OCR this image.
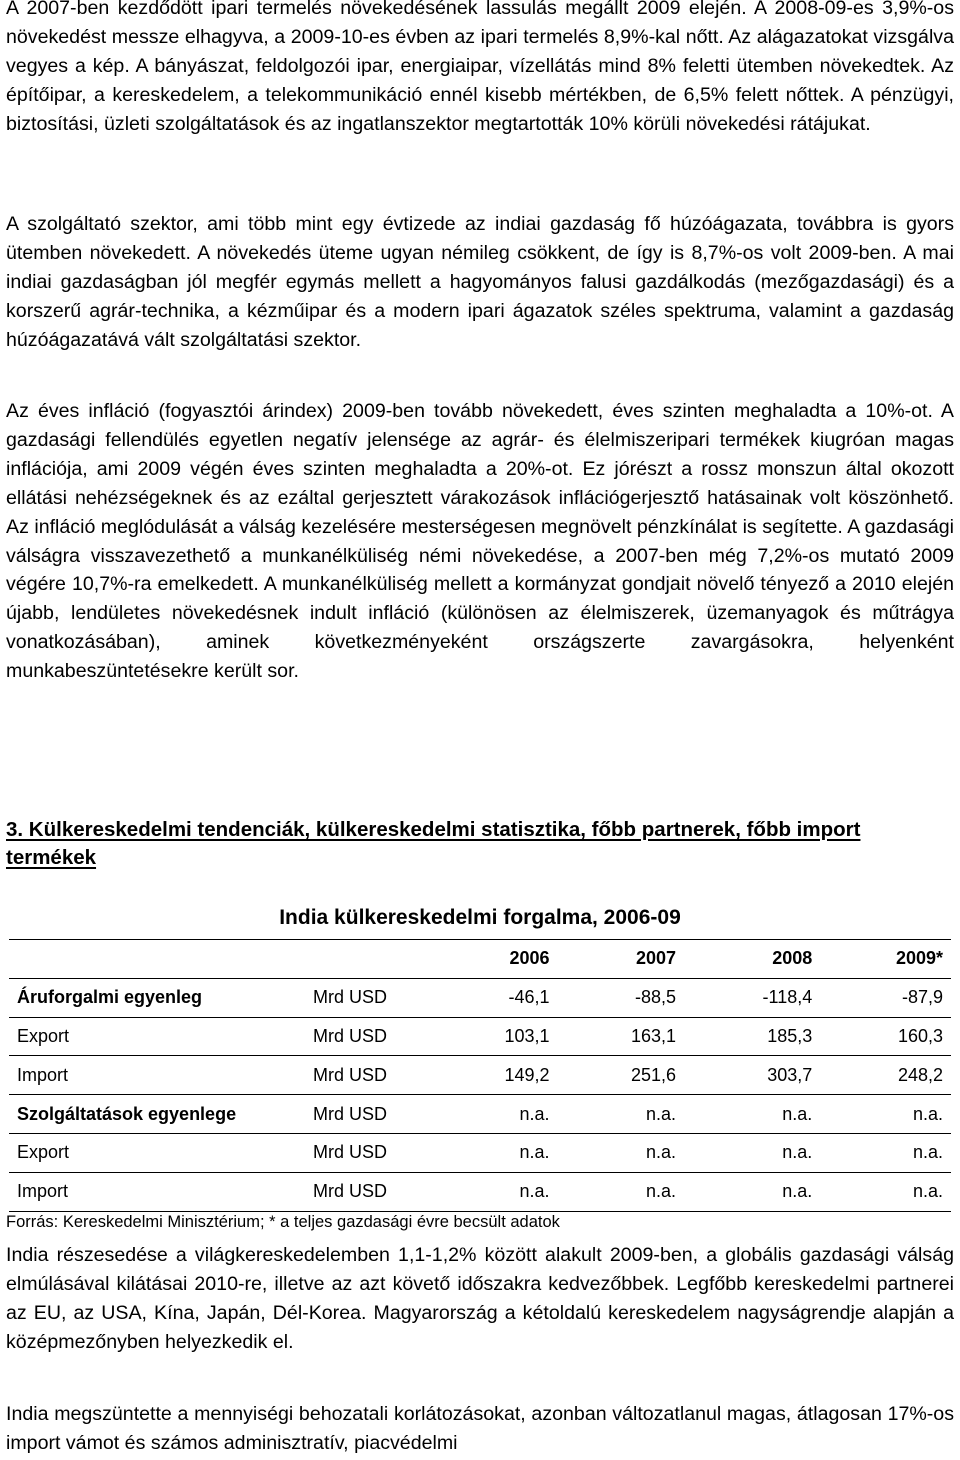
A 2007-ben kezdődött ipari termelés növekedésének lassulás megállt 2009 elején. A 2008-09-es 3,9%-os növekedést messze elhagyva, a 2009-10-es évben az ipari termelés 8,9%-kal nőtt. Az alágazatokat vizsgálva vegyes a kép. A bányászat, feldolgozói ipar, energiaipar, vízellátás mind 8% feletti ütemben növekedtek. Az építőipar, a kereskedelem, a telekommunikáció ennél kisebb mértékben, de 6,5% felett nőttek. A pénzügyi, biztosítási, üzleti szolgáltatások és az ingatlanszektor megtartották 10% körüli növekedési rátájukat.

A szolgáltató szektor, ami több mint egy évtizede az indiai gazdaság fő húzóágazata, továbbra is gyors ütemben növekedett. A növekedés üteme ugyan némileg csökkent, de így is 8,7%-os volt 2009-ben. A mai indiai gazdaságban jól megfér egymás mellett a hagyományos falusi gazdálkodás (mezőgazdasági) és a korszerű agrár-technika, a kézműipar és a modern ipari ágazatok széles spektruma, valamint a gazdaság húzóágazatává vált szolgáltatási szektor.

Az éves infláció (fogyasztói árindex) 2009-ben tovább növekedett, éves szinten meghaladta a 10%-ot. A gazdasági fellendülés egyetlen negatív jelensége az agrár- és élelmiszeripari termékek kiugróan magas inflációja, ami 2009 végén éves szinten meghaladta a 20%-ot. Ez jórészt a rossz monszun által okozott ellátási nehézségeknek és az ezáltal gerjesztett várakozások inflációgerjesztő hatásainak volt köszönhető. Az infláció meglódulását a válság kezelésére mesterségesen megnövelt pénzkínálat is segítette. A gazdasági válságra visszavezethető a munkanélküliség némi növekedése, a 2007-ben még 7,2%-os mutató 2009 végére 10,7%-ra emelkedett. A munkanélküliség mellett a kormányzat gondjait növelő tényező a 2010 elején újabb, lendületes növekedésnek indult infláció (különösen az élelmiszerek, üzemanyagok és műtrágya vonatkozásában), aminek következményeként országszerte zavargásokra, helyenként munkabeszüntetésekre került sor.

3. Külkereskedelmi tendenciák, külkereskedelmi statisztika, főbb partnerek, főbb import termékek
India külkereskedelmi forgalma, 2006-09
		2006	2007	2008	2009*
Áruforgalmi egyenleg	Mrd USD	-46,1	-88,5	-118,4	-87,9
Export	Mrd USD	103,1	163,1	185,3	160,3
Import	Mrd USD	149,2	251,6	303,7	248,2
Szolgáltatások egyenlege	Mrd USD	n.a.	n.a.	n.a.	n.a.
Export	Mrd USD	n.a.	n.a.	n.a.	n.a.
Import	Mrd USD	n.a.	n.a.	n.a.	n.a.

Forrás: Kereskedelmi Minisztérium; * a teljes gazdasági évre becsült adatok

India részesedése a világkereskedelemben 1,1-1,2% között alakult 2009-ben, a globális gazdasági válság elmúlásával kilátásai 2010-re, illetve az azt követő időszakra kedvezőbbek. Legfőbb kereskedelmi partnerei az EU, az USA, Kína, Japán, Dél-Korea. Magyarország a kétoldalú kereskedelem nagyságrendje alapján a középmezőnyben helyezkedik el.

India megszüntette a mennyiségi behozatali korlátozásokat, azonban változatlanul magas, átlagosan 17%-os import vámot és számos adminisztratív, piacvédelmi
